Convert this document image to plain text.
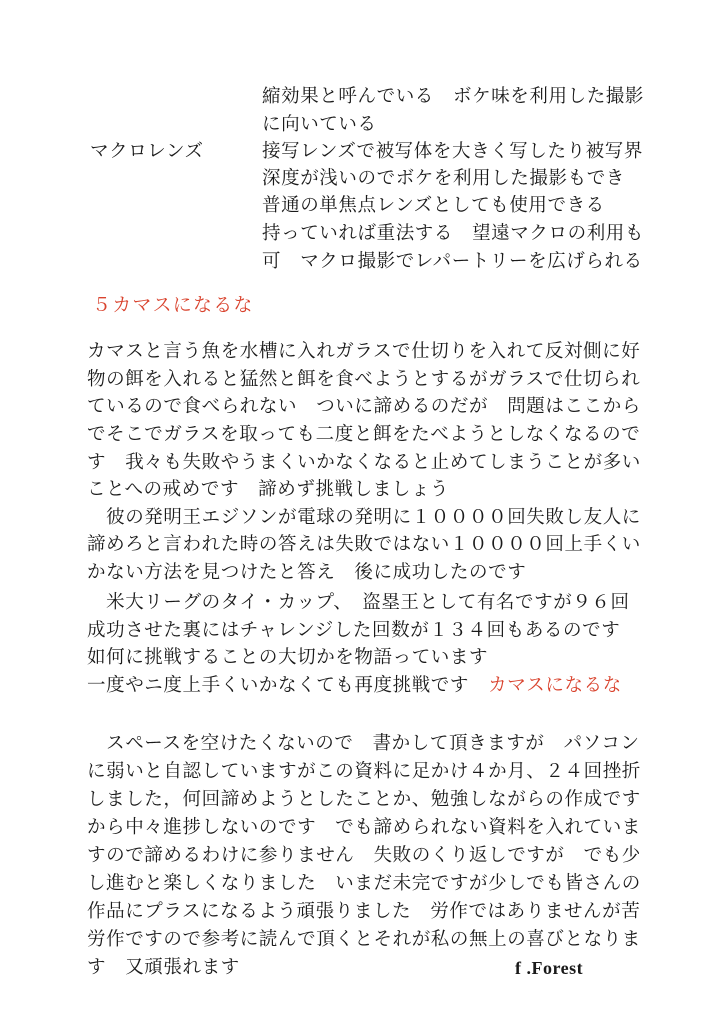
縮効果と呼んでいる　ボケ味を利用した撮影
に向いている
マクロレンズ	接写レンズで被写体を大きく写したり被写界
深度が浅いのでボケを利用した撮影もでき
普通の単焦点レンズとしても使用できる
持っていれば重法する　望遠マクロの利用も
可　マクロ撮影でレパートリーを広げられる
５カマスになるな
カマスと言う魚を水槽に入れガラスで仕切りを入れて反対側に好
物の餌を入れると猛然と餌を食べようとするがガラスで仕切られ
ているので食べられない　ついに諦めるのだが　問題はここから
でそこでガラスを取っても二度と餌をたべようとしなくなるので
す　我々も失敗やうまくいかなくなると止めてしまうことが多い
ことへの戒めです　諦めず挑戦しましょう
　彼の発明王エジソンが電球の発明に１００００回失敗し友人に
諦めろと言われた時の答えは失敗ではない１００００回上手くい
かない方法を見つけたと答え　後に成功したのです
　米大リーグのタイ・カップ、　盗塁王として有名ですが９６回
成功させた裏にはチャレンジした回数が１３４回もあるのです
如何に挑戦することの大切かを物語っています
一度やニ度上手くいかなくても再度挑戦です　カマスになるな
　スペースを空けたくないので　書かして頂きますが　パソコン
に弱いと自認していますがこの資料に足かけ４か月、２４回挫折
しました，何回諦めようとしたことか、勉強しながらの作成です
から中々進捗しないのです　でも諦められない資料を入れていま
すので諦めるわけに参りません　失敗のくり返しですが　でも少
し進むと楽しくなりました　いまだ未完ですが少しでも皆さんの
作品にプラスになるよう頑張りました　労作ではありませんが苦
労作ですので参考に読んで頂くとそれが私の無上の喜びとなりま
す　又頑張れます	f .Forest
